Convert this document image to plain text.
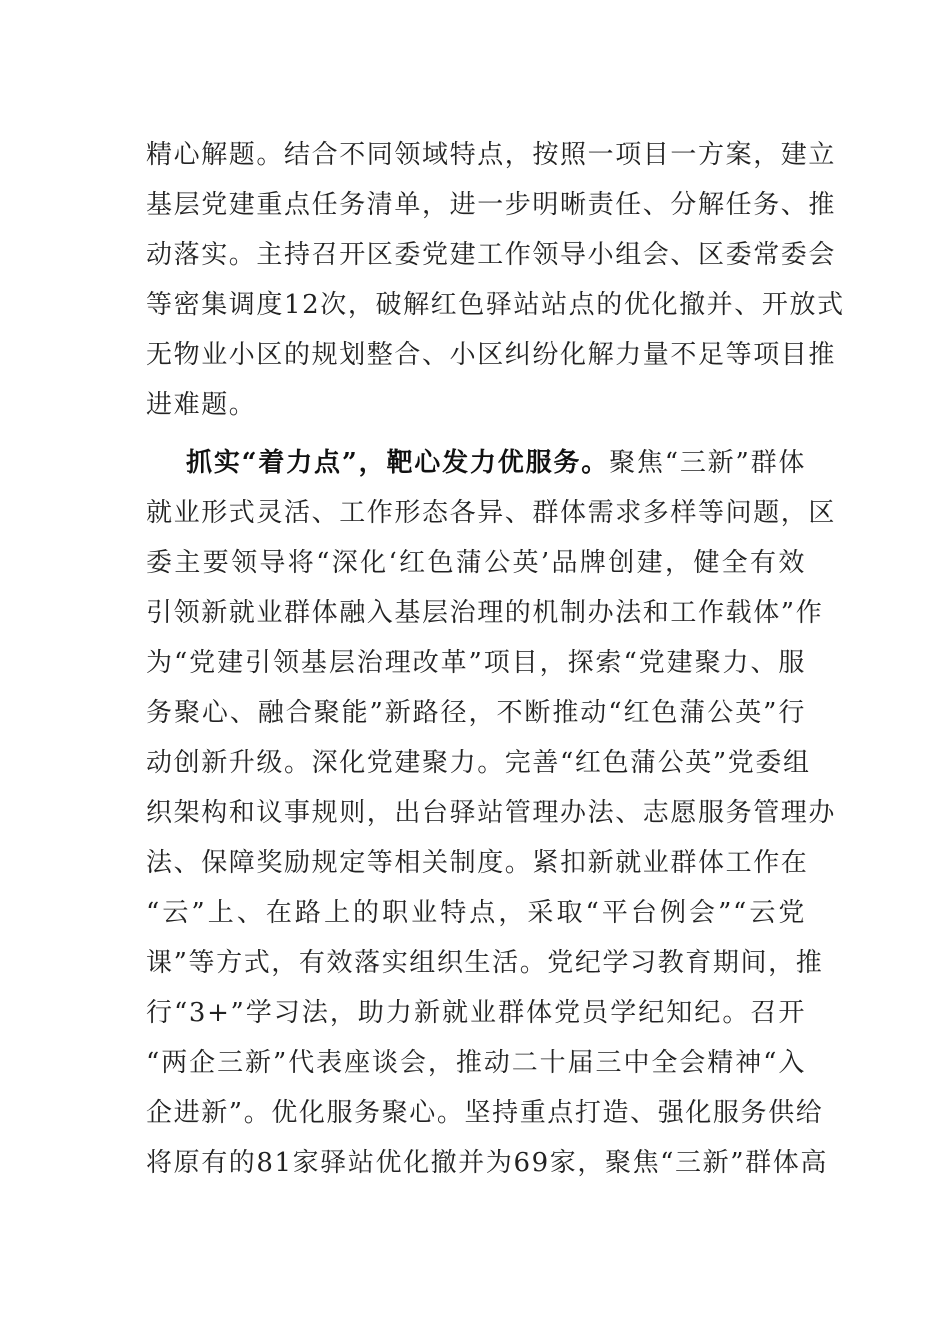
精心解题。结合不同领域特点，按照一项目一方案，建立
基层党建重点任务清单，进一步明晰责任、分解任务、推
动落实。主持召开区委党建工作领导小组会、区委常委会
等密集调度12次，破解红色驿站站点的优化撤并、开放式
无物业小区的规划整合、小区纠纷化解力量不足等项目推
进难题。
抓实“着力点”，靶心发力优服务。聚焦“三新”群体
就业形式灵活、工作形态各异、群体需求多样等问题，区
委主要领导将“深化‘红色蒲公英’品牌创建，健全有效
引领新就业群体融入基层治理的机制办法和工作载体”作
为“党建引领基层治理改革”项目，探索“党建聚力、服
务聚心、融合聚能”新路径，不断推动“红色蒲公英”行
动创新升级。深化党建聚力。完善“红色蒲公英”党委组
织架构和议事规则，出台驿站管理办法、志愿服务管理办
法、保障奖励规定等相关制度。紧扣新就业群体工作在
“云”上、在路上的职业特点，采取“平台例会”“云党
课”等方式，有效落实组织生活。党纪学习教育期间，推
行“3+”学习法，助力新就业群体党员学纪知纪。召开
“两企三新”代表座谈会，推动二十届三中全会精神“入
企进新”。优化服务聚心。坚持重点打造、强化服务供给
将原有的81家驿站优化撤并为69家，聚焦“三新”群体高
